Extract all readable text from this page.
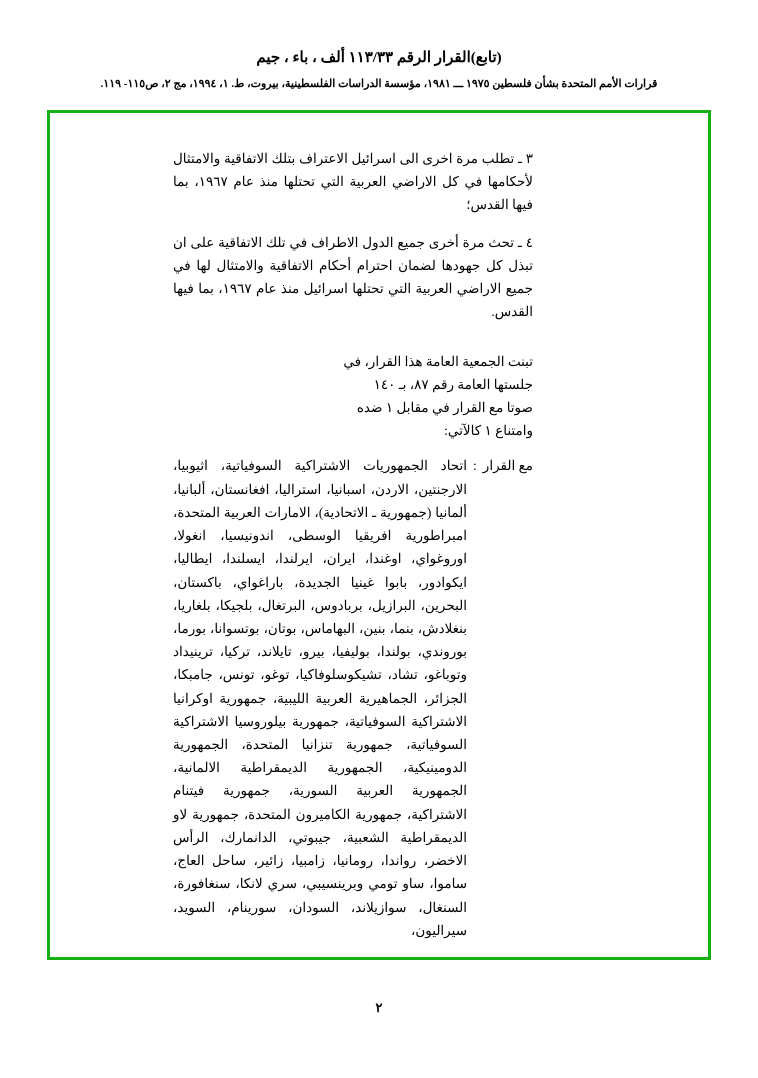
(تابع)القرار الرقم ١١٣/٣٣ ألف ، باء ، جيم
قرارات الأمم المتحدة بشأن فلسطين ١٩٧٥ ـــ ١٩٨١، مؤسسة الدراسات الفلسطينية، بيروت، ط. ١، ١٩٩٤، مج ٢، ص١١٥- ١١٩.

٣ ـ تطلب مرة اخرى الى اسرائيل الاعتراف بتلك الاتفاقية والامتثال لأحكامها في كل الاراضي العربية التي تحتلها منذ عام ١٩٦٧، بما فيها القدس؛

٤ ـ تحث مرة أخرى جميع الدول الاطراف في تلك الاتفاقية على ان تبذل كل جهودها لضمان احترام أحكام الاتفاقية والامتثال لها في جميع الاراضي العربية التي تحتلها اسرائيل منذ عام ١٩٦٧، بما فيها القدس.

تبنت الجمعية العامة هذا القرار، في

جلستها العامة رقم ٨٧، بـ ١٤٠

صوتا مع القرار في مقابل ١ ضده

وامتناع ١ كالآتي:

مع القرار
:
اتحاد الجمهوريات الاشتراكية السوفياتية، اثيوبيا، الارجنتين، الاردن، اسبانيا، استراليا، افغانستان، ألبانيا، ألمانيا (جمهورية ـ الاتحادية)، الامارات العربية المتحدة، امبراطورية افريقيا الوسطى، اندونيسيا، انغولا، اوروغواي، اوغندا، ايران، ايرلندا، ايسلندا، ايطاليا، ايكوادور، بابوا غينيا الجديدة، باراغواي، باكستان، البحرين، البرازيل، بربادوس، البرتغال، بلجيكا، بلغاريا، بنغلادش، بنما، بنين، البهاماس، بوتان، بوتسوانا، بورما، بوروندي، بولندا، بوليفيا، بيرو، تايلاند، تركيا، ترينيداد وتوباغو، تشاد، تشيكوسلوفاكيا، توغو، تونس، جامبكا، الجزائر، الجماهيرية العربية الليبية، جمهورية اوكرانيا الاشتراكية السوفياتية، جمهورية بيلوروسيا الاشتراكية السوفياتية، جمهورية تنزانيا المتحدة، الجمهورية الدومينيكية، الجمهورية الديمقراطية الالمانية، الجمهورية العربية السورية، جمهورية فيتنام الاشتراكية، جمهورية الكاميرون المتحدة، جمهورية لاو الديمقراطية الشعبية، جيبوتي، الدانمارك، الرأس الاخضر، رواندا، رومانيا، زامبيا، زائير، ساحل العاج، ساموا، ساو تومي وبرينسيبي، سري لانكا، سنغافورة، السنغال، سوازيلاند، السودان، سورينام، السويد، سيراليون،
٢
